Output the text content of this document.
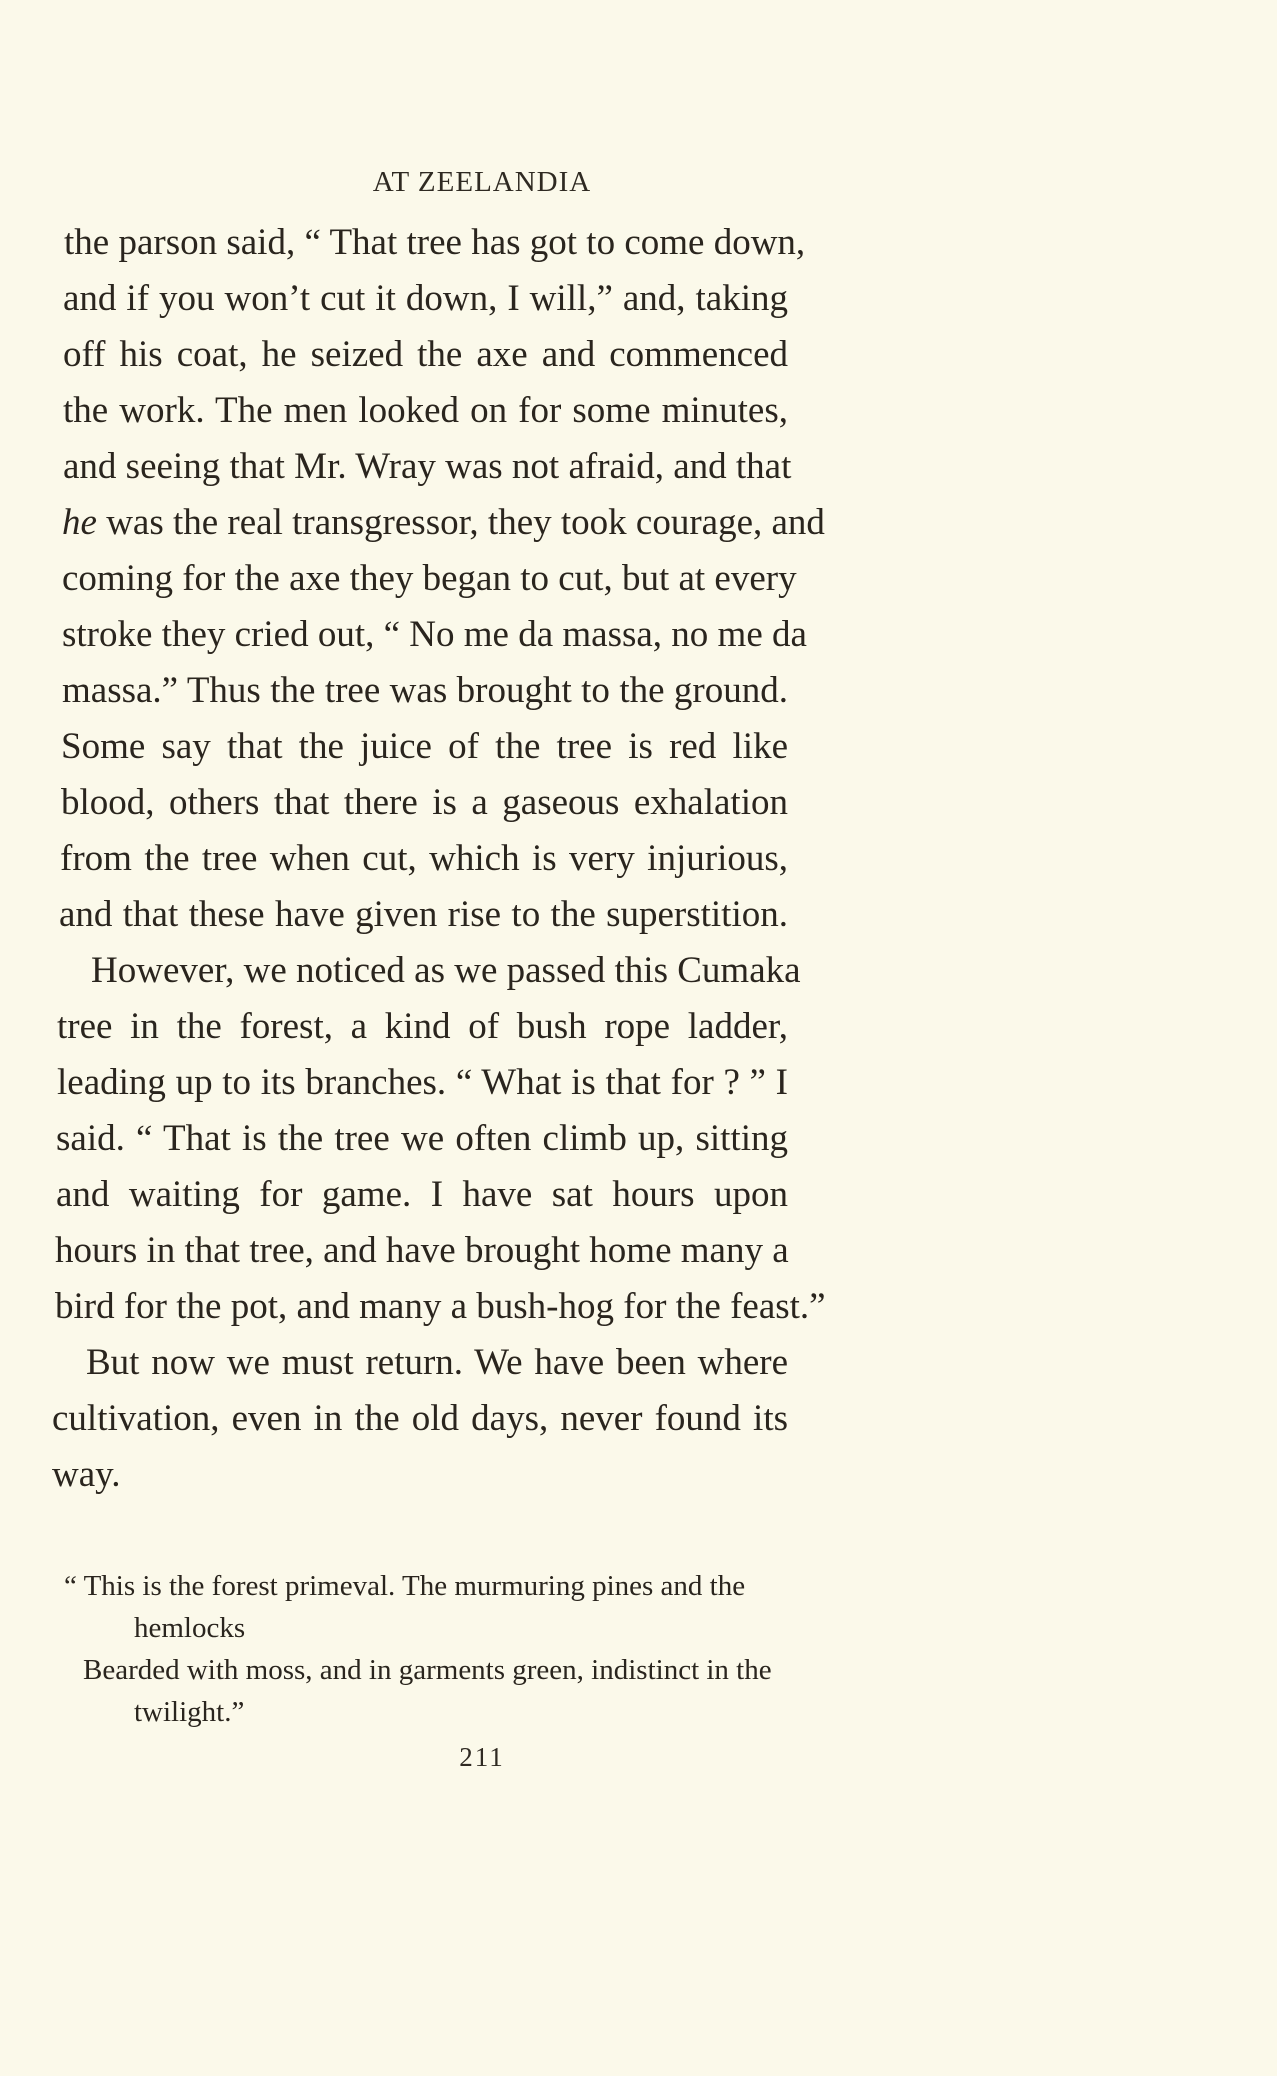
AT ZEELANDIA
the parson said, “ That tree has got to come down,
and if you won’t cut it down, I will,” and, taking
off his coat, he seized the axe and commenced
the work. The men looked on for some minutes,
and seeing that Mr. Wray was not afraid, and that
he was the real transgressor, they took courage, and
coming for the axe they began to cut, but at every
stroke they cried out, “ No me da massa, no me da
massa.” Thus the tree was brought to the ground.
Some say that the juice of the tree is red like
blood, others that there is a gaseous exhalation
from the tree when cut, which is very injurious,
and that these have given rise to the superstition.
However, we noticed as we passed this Cumaka
tree in the forest, a kind of bush rope ladder,
leading up to its branches. “ What is that for ? ” I
said. “ That is the tree we often climb up, sitting
and waiting for game. I have sat hours upon
hours in that tree, and have brought home many a
bird for the pot, and many a bush-hog for the feast.”
But now we must return. We have been where
cultivation, even in the old days, never found its
way.
“ This is the forest primeval. The murmuring pines and the
hemlocks
Bearded with moss, and in garments green, indistinct in the
twilight.”
211
